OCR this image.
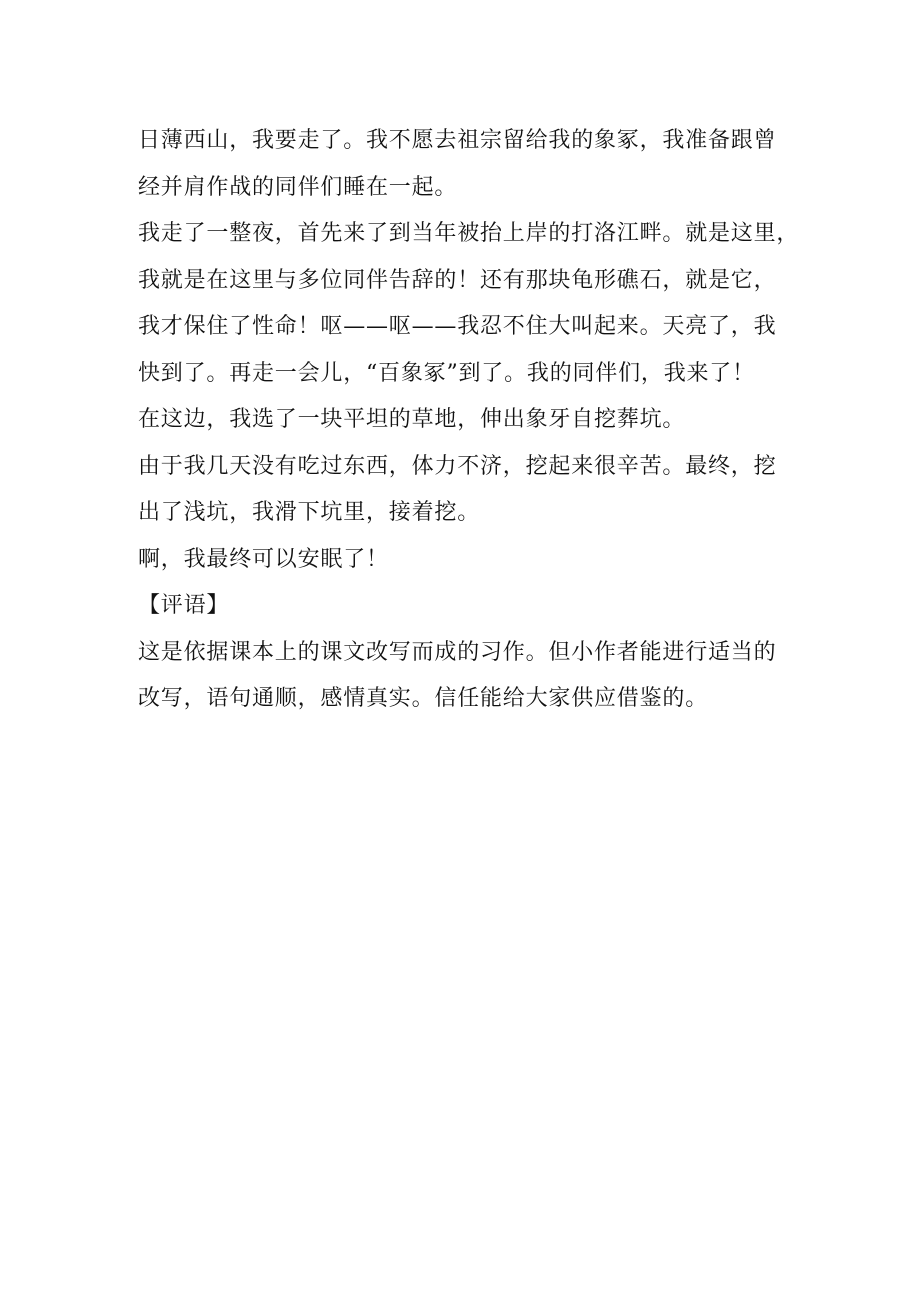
日薄西山，我要走了。我不愿去祖宗留给我的象冢，我准备跟曾
经并肩作战的同伴们睡在一起。

我走了一整夜，首先来了到当年被抬上岸的打洛江畔。就是这里，
我就是在这里与多位同伴告辞的！还有那块龟形礁石，就是它，
我才保住了性命！呕——呕——我忍不住大叫起来。天亮了，我
快到了。再走一会儿，“百象冢”到了。我的同伴们，我来了！
在这边，我选了一块平坦的草地，伸出象牙自挖葬坑。

由于我几天没有吃过东西，体力不济，挖起来很辛苦。最终，挖
出了浅坑，我滑下坑里，接着挖。

啊，我最终可以安眠了！

【评语】

这是依据课本上的课文改写而成的习作。但小作者能进行适当的
改写，语句通顺，感情真实。信任能给大家供应借鉴的。
